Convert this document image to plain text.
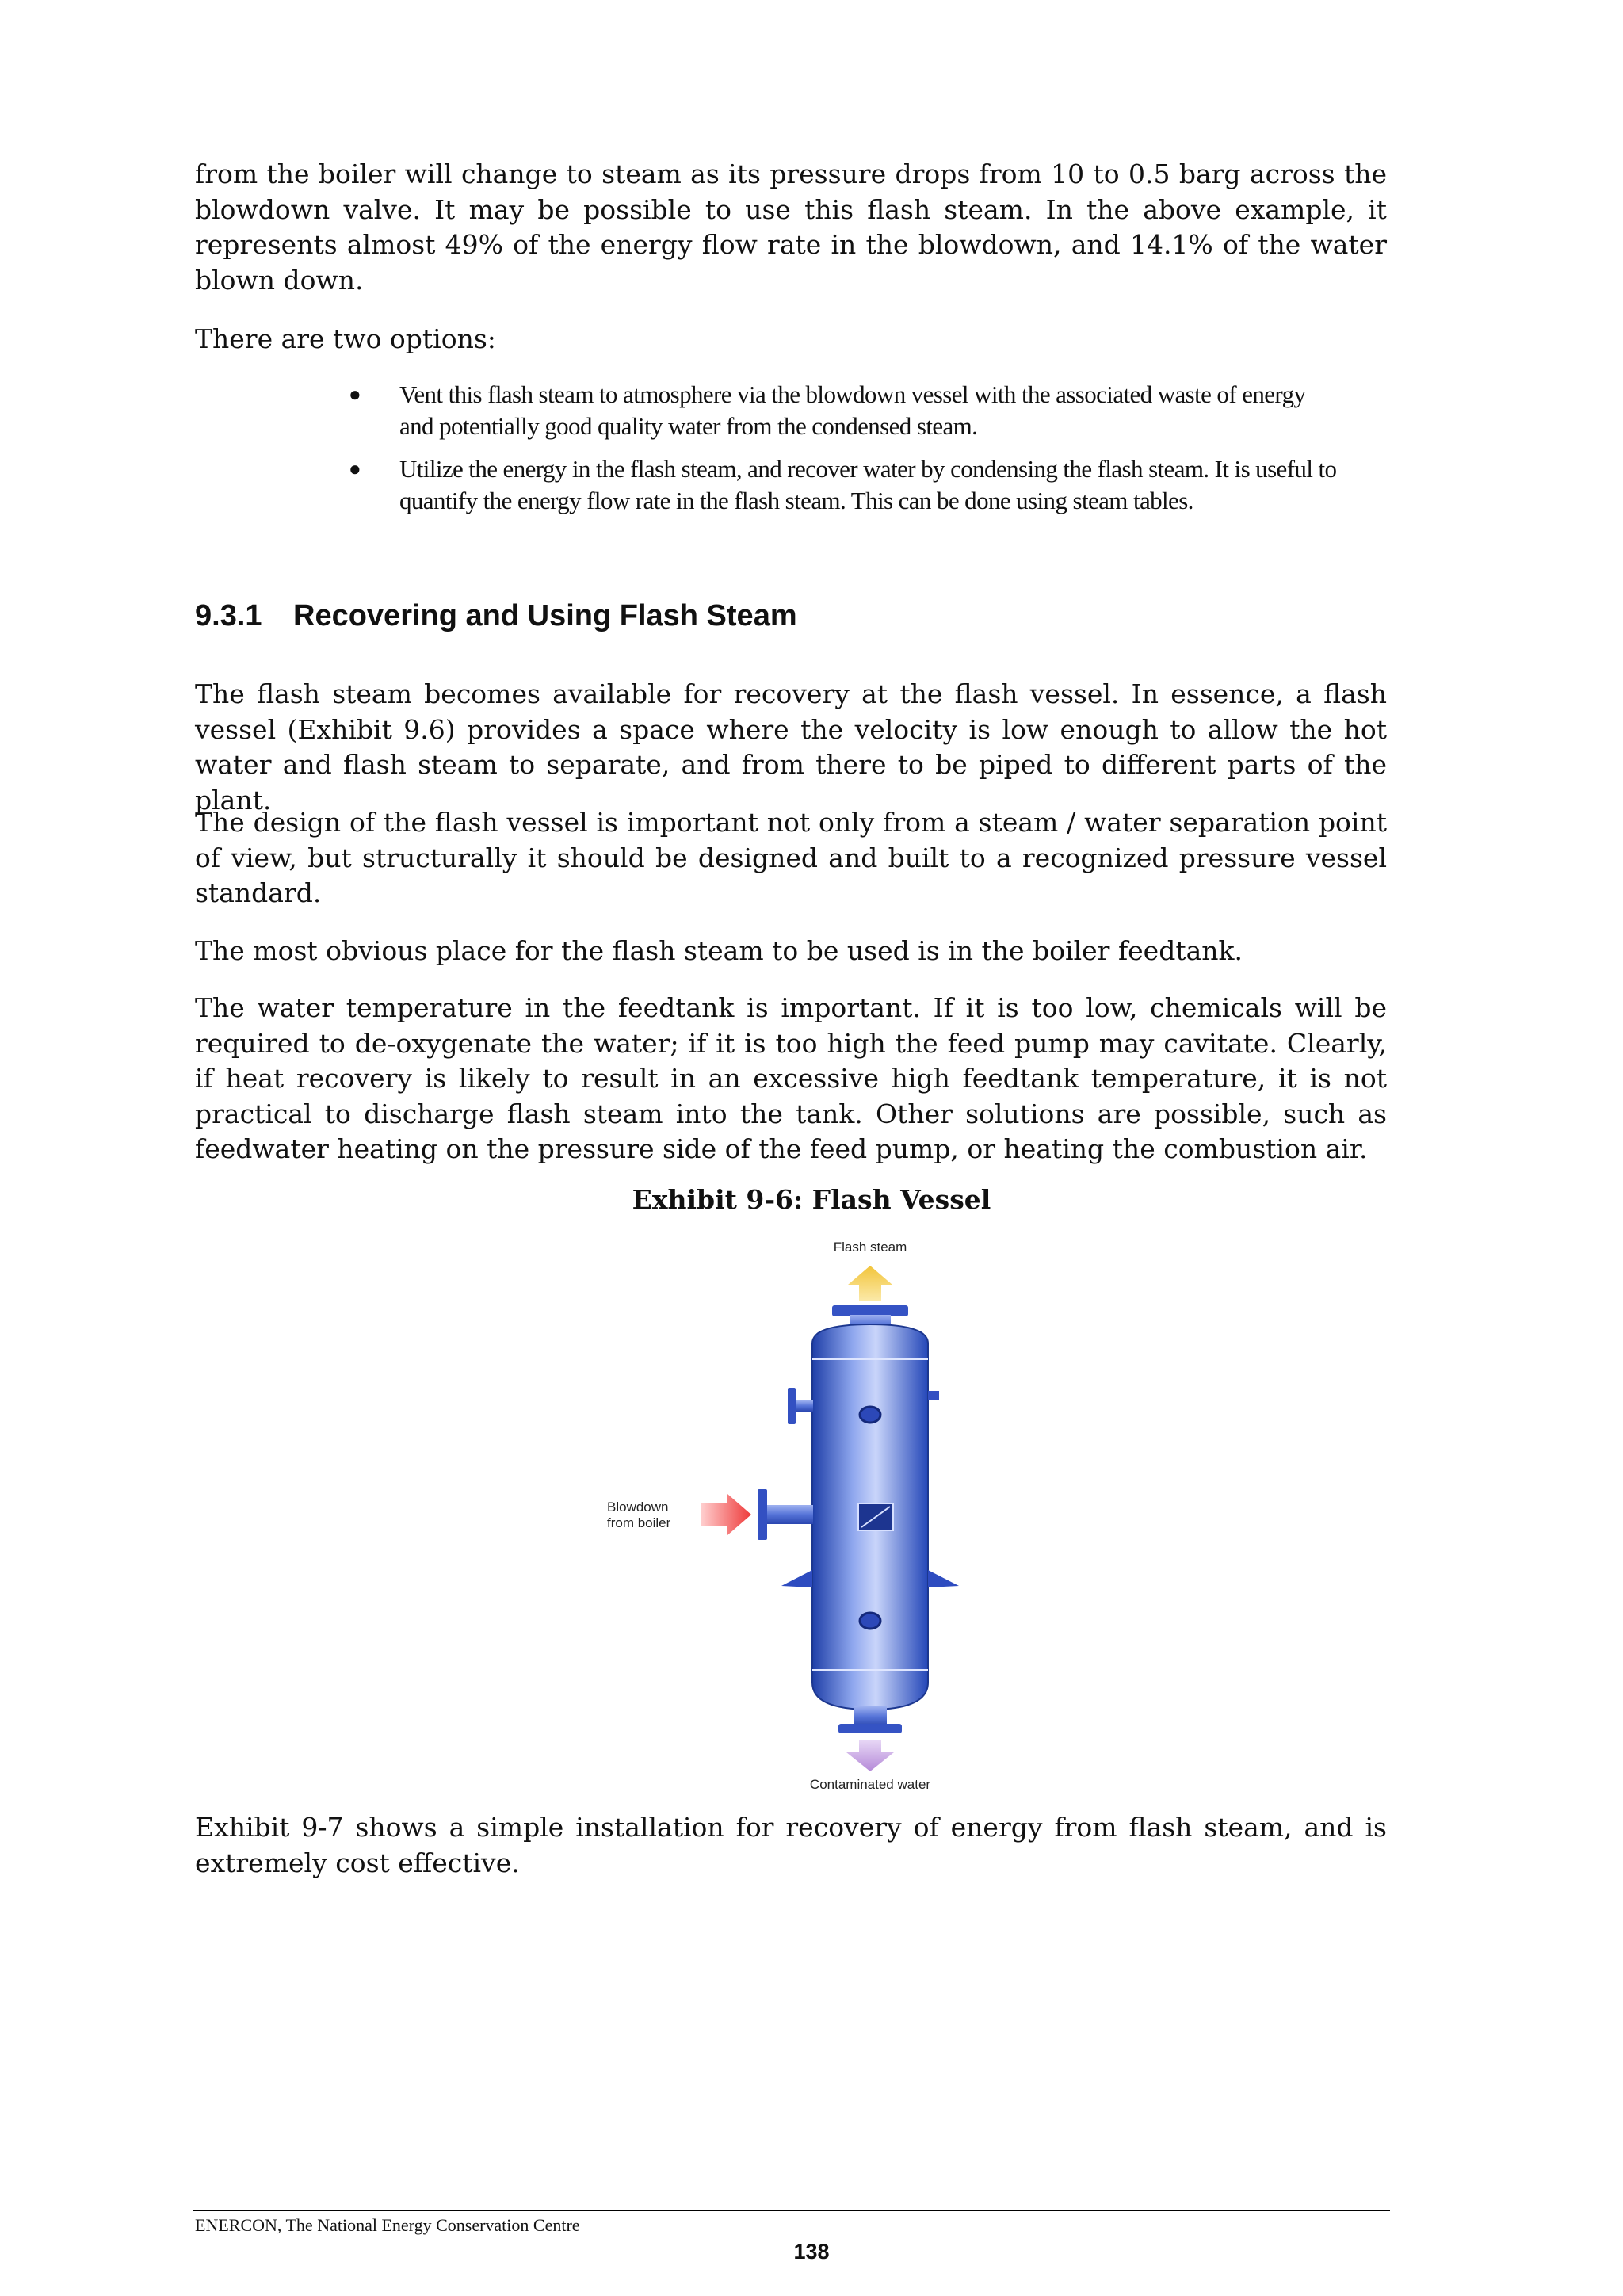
from the boiler will change to steam as its pressure drops from 10 to 0.5 barg across the blowdown valve. It may be possible to use this flash steam. In the above example, it represents almost 49% of the energy flow rate in the blowdown, and 14.1% of the water blown down.

There are two options:

● Vent this flash steam to atmosphere via the blowdown vessel with the associated waste of energy and potentially good quality water from the condensed steam.
● Utilize the energy in the flash steam, and recover water by condensing the flash steam. It is useful to quantify the energy flow rate in the flash steam. This can be done using steam tables.
9.3.1 Recovering and Using Flash Steam

The flash steam becomes available for recovery at the flash vessel. In essence, a flash vessel (Exhibit 9.6) provides a space where the velocity is low enough to allow the hot water and flash steam to separate, and from there to be piped to different parts of the plant.

The design of the flash vessel is important not only from a steam / water separation point of view, but structurally it should be designed and built to a recognized pressure vessel standard.

The most obvious place for the flash steam to be used is in the boiler feedtank.

The water temperature in the feedtank is important. If it is too low, chemicals will be required to de-oxygenate the water; if it is too high the feed pump may cavitate. Clearly, if heat recovery is likely to result in an excessive high feedtank temperature, it is not practical to discharge flash steam into the tank. Other solutions are possible, such as feedwater heating on the pressure side of the feed pump, or heating the combustion air.

Exhibit 9-6: Flash Vessel

Flash steam
Blowdown
from boiler
Contaminated water

Exhibit 9-7 shows a simple installation for recovery of energy from flash steam, and is extremely cost effective.

ENERCON, The National Energy Conservation Centre

138
